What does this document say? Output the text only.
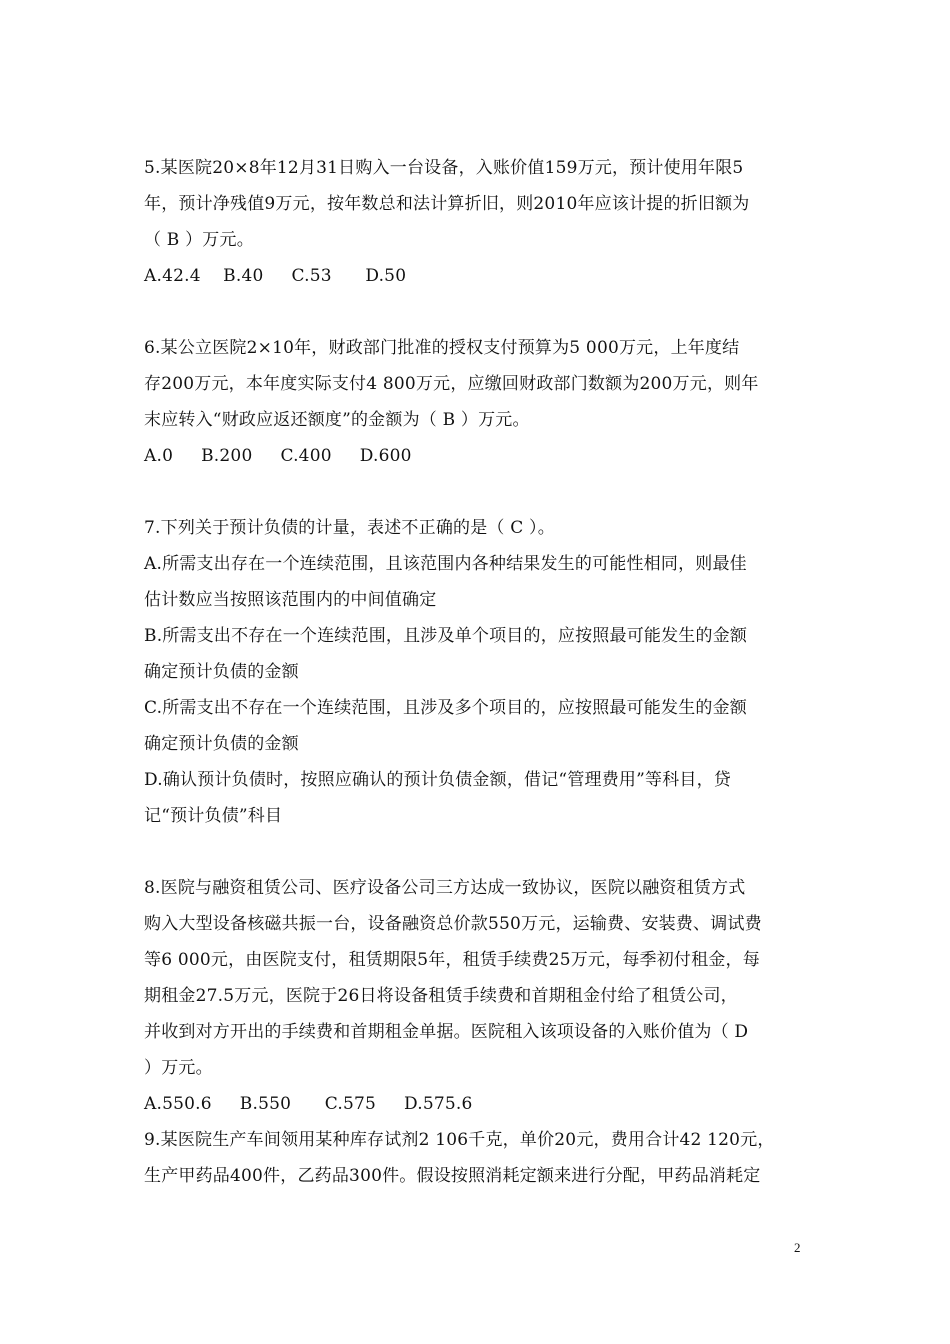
5.某医院20×8年12月31日购入一台设备，入账价值159万元，预计使用年限5
年，预计净残值9万元，按年数总和法计算折旧，则2010年应该计提的折旧额为
（ B ）万元。
A.42.4    B.40     C.53      D.50
6.某公立医院2×10年，财政部门批准的授权支付预算为5 000万元，上年度结
存200万元，本年度实际支付4 800万元，应缴回财政部门数额为200万元，则年
末应转入“财政应返还额度”的金额为（ B ）万元。
A.0     B.200     C.400     D.600
7.下列关于预计负债的计量，表述不正确的是（ C ）。
A.所需支出存在一个连续范围，且该范围内各种结果发生的可能性相同，则最佳
估计数应当按照该范围内的中间值确定
B.所需支出不存在一个连续范围，且涉及单个项目的，应按照最可能发生的金额
确定预计负债的金额
C.所需支出不存在一个连续范围，且涉及多个项目的，应按照最可能发生的金额
确定预计负债的金额
D.确认预计负债时，按照应确认的预计负债金额，借记“管理费用”等科目，贷
记“预计负债”科目
8.医院与融资租赁公司、医疗设备公司三方达成一致协议，医院以融资租赁方式
购入大型设备核磁共振一台，设备融资总价款550万元，运输费、安装费、调试费
等6 000元，由医院支付，租赁期限5年，租赁手续费25万元，每季初付租金，每
期租金27.5万元，医院于26日将设备租赁手续费和首期租金付给了租赁公司，
并收到对方开出的手续费和首期租金单据。医院租入该项设备的入账价值为（ D
）万元。
A.550.6     B.550      C.575     D.575.6
9.某医院生产车间领用某种库存试剂2 106千克，单价20元，费用合计42 120元，
生产甲药品400件，乙药品300件。假设按照消耗定额来进行分配，甲药品消耗定
2
